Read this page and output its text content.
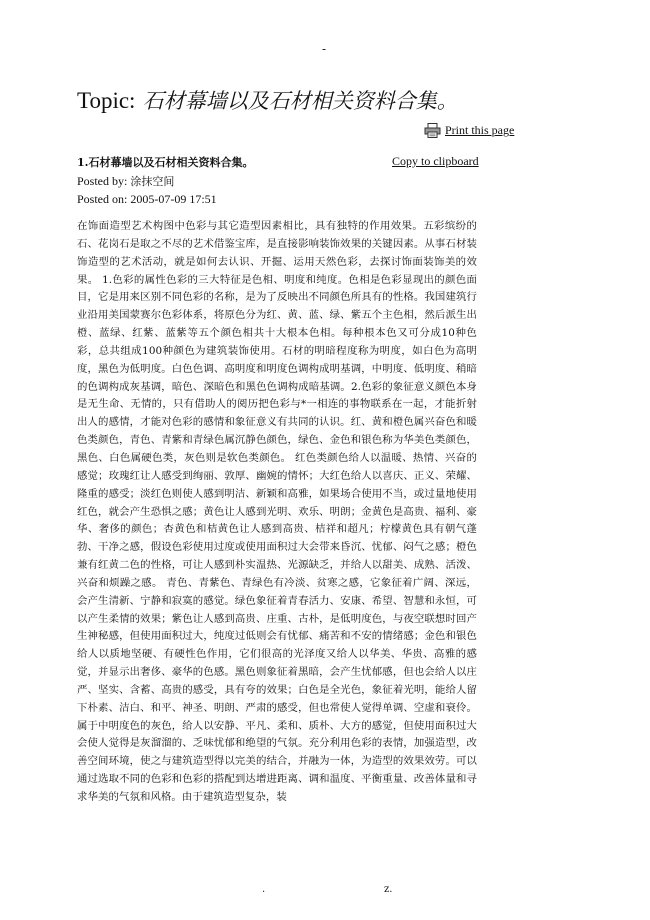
-
Topic: 石材幕墙以及石材相关资料合集。
Print this page
1.石材幕墙以及石材相关资料合集。	Copy to clipboard
Posted by: 涂抹空间
Posted on: 2005-07-09 17:51
在饰面造型艺术构图中色彩与其它造型因素相比，具有独特的作用效果。五彩缤纷的石、花岗石是取之不尽的艺术借鉴宝库，是直接影响装饰效果的关键因素。从事石材装饰造型的艺术活动，就是如何去认识、开掘、运用天然色彩，去探讨饰面装饰美的效果。 1.色彩的属性色彩的三大特征是色相、明度和纯度。色相是色彩显现出的颜色面目，它是用来区别不同色彩的名称，是为了反映出不同颜色所具有的性格。我国建筑行业沿用美国蒙赛尔色彩体系，将原色分为红、黄、蓝、绿、紫五个主色相，然后派生出橙、蓝绿、红紫、蓝紫等五个颜色相共十大根本色相。每种根本色又可分成10种色彩，总共组成100种颜色为建筑装饰使用。石材的明暗程度称为明度，如白色为高明度，黑色为低明度。白色色调、高明度和明度色调构成明基调，中明度、低明度、稍暗的色调构成灰基调，暗色、深暗色和黑色色调构成暗基调。2.色彩的象征意义颜色本身是无生命、无情的，只有借助人的阅历把色彩与*一相连的事物联系在一起，才能折射出人的感情，才能对色彩的感情和象征意义有共同的认识。红、黄和橙色属兴奋色和暖色类颜色，青色、青紫和青绿色属沉静色颜色，绿色、金色和银色称为华美色类颜色，黑色、白色属硬色类，灰色则是软色类颜色。 红色类颜色给人以温暖、热情、兴奋的感觉；玫瑰红让人感受到绚丽、敦厚、幽婉的情怀；大红色给人以喜庆、正义、荣耀、隆重的感受；淡红色则使人感到明洁、新颖和高雅，如果场合使用不当，或过量地使用红色，就会产生恐惧之感；黄色让人感到光明、欢乐、明朗；金黄色是高贵、福利、豪华、奢侈的颜色；杏黄色和桔黄色让人感到高贵、桔祥和超凡；柠檬黄色具有朝气蓬勃、干净之感，假设色彩使用过度或使用面积过大会带来昏沉、忧郁、闷气之感；橙色兼有红黄二色的性格，可让人感到朴实温热、光源缺乏，并给人以甜美、成熟、活泼、兴奋和烦躁之感。 青色、青紫色、青绿色有冷淡、贫寒之感，它象征着广阔、深远，会产生清新、宁静和寂寞的感觉。绿色象征着青春活力、安康、希望、智慧和永恒，可以产生柔情的效果；紫色让人感到高贵、庄重、古朴，是低明度色，与夜空联想时回产生神秘感，但使用面积过大，纯度过低则会有忧郁、痛苦和不安的情绪感；金色和银色给人以质地坚硬、有硬性色作用，它们很高的光泽度又给人以华美、华贵、高雅的感觉，并显示出奢侈、豪华的色感。黑色则象征着黑暗，会产生忧郁感，但也会给人以庄严、坚实、含蓄、高贵的感受，具有夸的效果；白色是全光色，象征着光明，能给人留下朴素、洁白、和平、神圣、明朗、严肃的感受，但也常使人觉得单调、空虚和衰伶。 属于中明度色的灰色，给人以安静、平凡、柔和、质朴、大方的感觉，但使用面积过大会使人觉得是灰溜溜的、乏味忧郁和绝望的气氛。充分利用色彩的表情，加强造型，改善空间环境，使之与建筑造型得以完美的结合，并融为一体，为造型的效果效劳。可以通过选取不同的色彩和色彩的搭配到达增进距离、调和温度、平衡重量、改善体量和寻求华美的气氛和风格。由于建筑造型复杂，装
.	z.
